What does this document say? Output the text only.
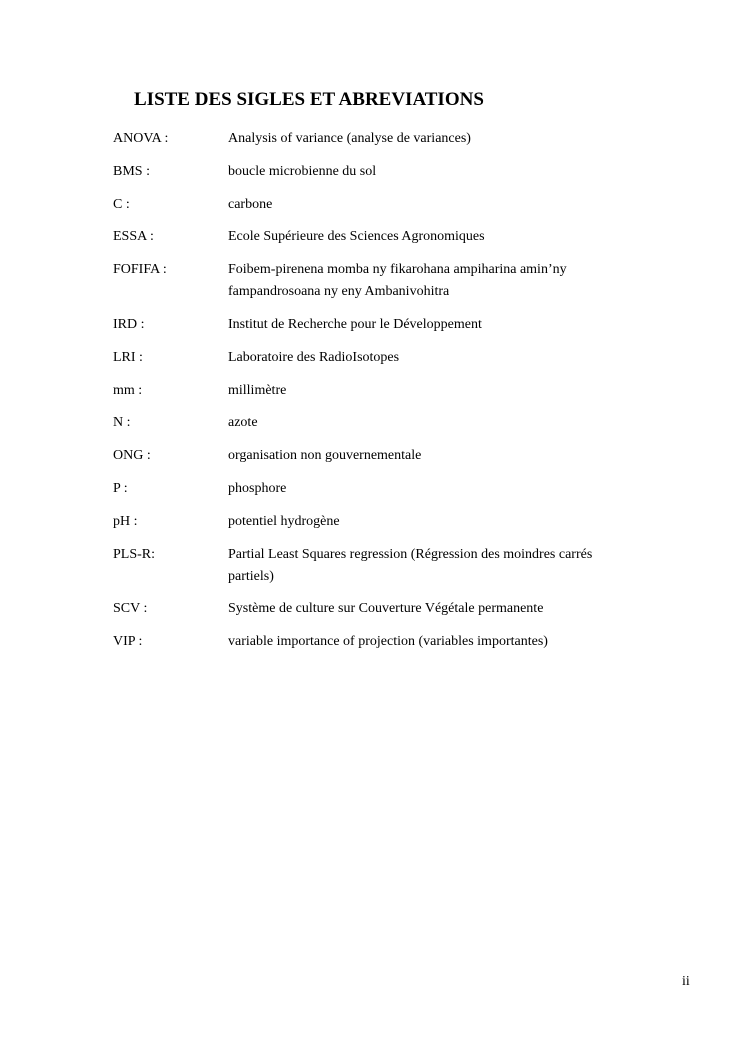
LISTE DES SIGLES ET ABREVIATIONS
ANOVA :	Analysis of variance (analyse de variances)
BMS :	boucle microbienne du sol
C :	carbone
ESSA :	Ecole Supérieure des Sciences Agronomiques
FOFIFA :	Foibem-pirenena momba ny fikarohana ampiharina amin’ny fampandrosoana ny eny Ambanivohitra
IRD :	Institut de Recherche pour le Développement
LRI :	Laboratoire des RadioIsotopes
mm :	millimètre
N :	azote
ONG :	organisation non gouvernementale
P :	phosphore
pH :	potentiel hydrogène
PLS-R:	Partial Least Squares regression (Régression des moindres carrés partiels)
SCV :	Système de culture sur Couverture Végétale permanente
VIP :	variable importance of projection (variables importantes)
ii
